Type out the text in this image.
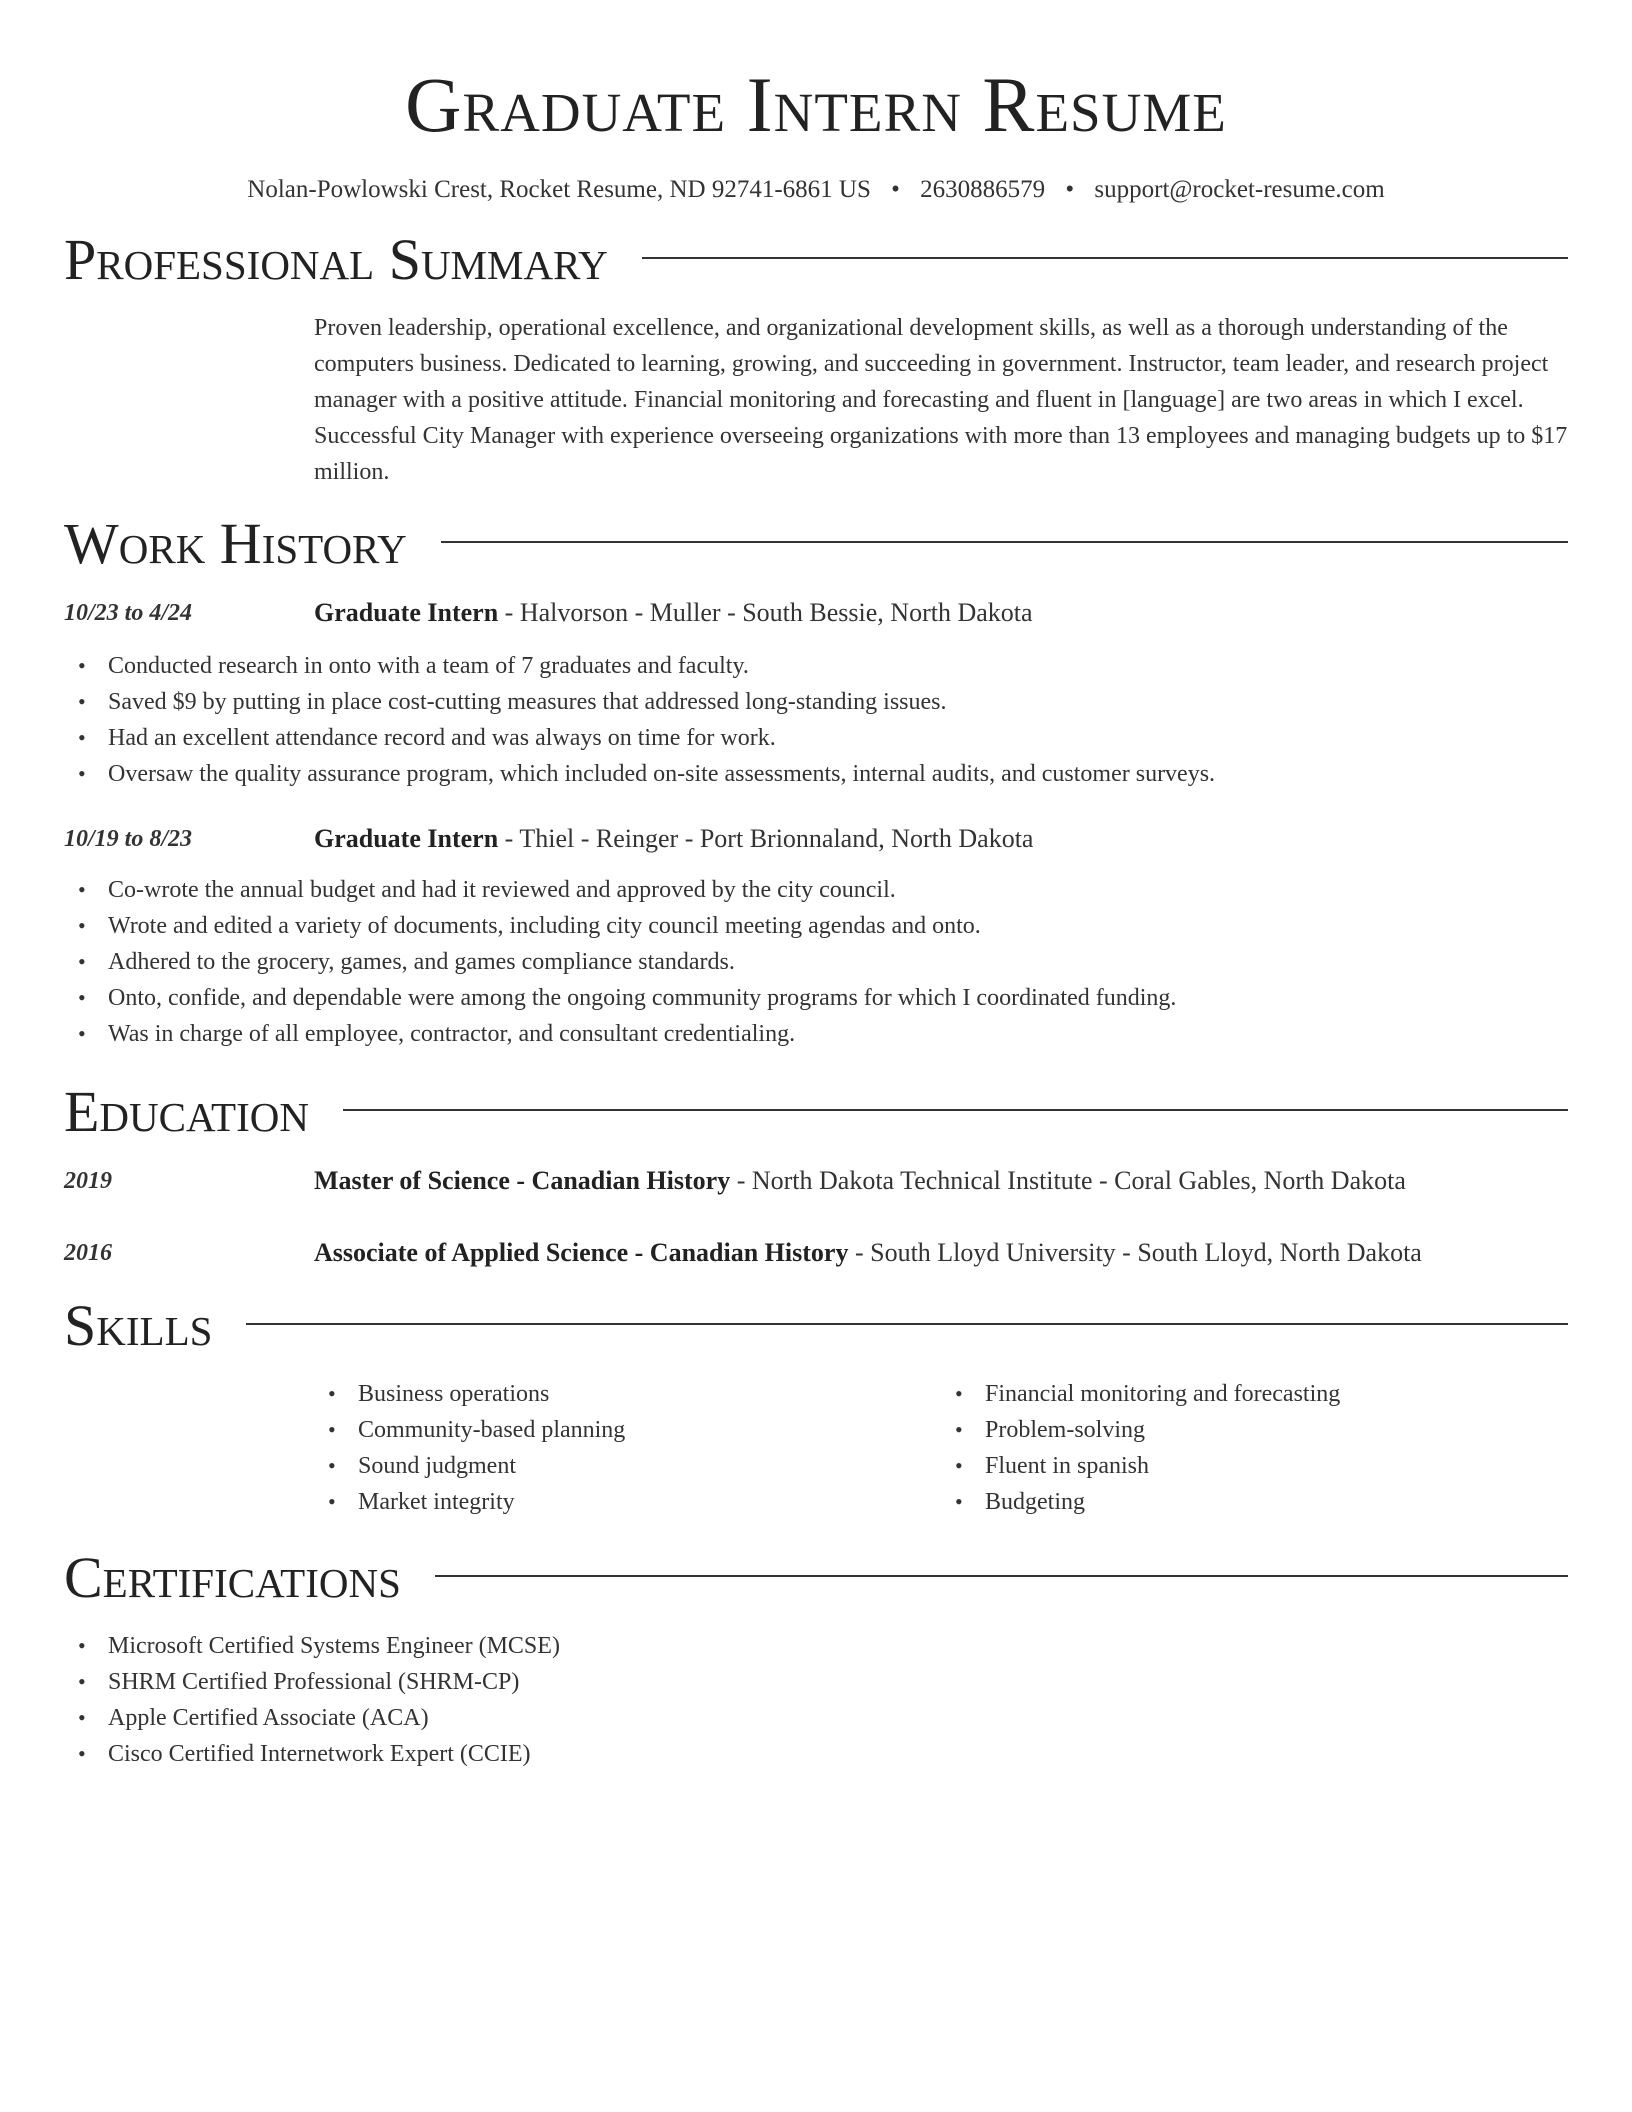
Graduate Intern Resume
Nolan-Powlowski Crest, Rocket Resume, ND 92741-6861 US • 2630886579 • support@rocket-resume.com
Professional Summary

Proven leadership, operational excellence, and organizational development skills, as well as a thorough understanding of the computers business. Dedicated to learning, growing, and succeeding in government. Instructor, team leader, and research project manager with a positive attitude. Financial monitoring and forecasting and fluent in [language] are two areas in which I excel. Successful City Manager with experience overseeing organizations with more than 13 employees and managing budgets up to $17 million.

Work History
10/23 to 4/24	Graduate Intern - Halvorson - Muller - South Bessie, North Dakota
• Conducted research in onto with a team of 7 graduates and faculty.
• Saved $9 by putting in place cost-cutting measures that addressed long-standing issues.
• Had an excellent attendance record and was always on time for work.
• Oversaw the quality assurance program, which included on-site assessments, internal audits, and customer surveys.
10/19 to 8/23	Graduate Intern - Thiel - Reinger - Port Brionnaland, North Dakota
• Co-wrote the annual budget and had it reviewed and approved by the city council.
• Wrote and edited a variety of documents, including city council meeting agendas and onto.
• Adhered to the grocery, games, and games compliance standards.
• Onto, confide, and dependable were among the ongoing community programs for which I coordinated funding.
• Was in charge of all employee, contractor, and consultant credentialing.
Education
2019	Master of Science - Canadian History - North Dakota Technical Institute - Coral Gables, North Dakota
2016	Associate of Applied Science - Canadian History - South Lloyd University - South Lloyd, North Dakota
Skills
• Business operations
• Community-based planning
• Sound judgment
• Market integrity
• Financial monitoring and forecasting
• Problem-solving
• Fluent in spanish
• Budgeting
Certifications
• Microsoft Certified Systems Engineer (MCSE)
• SHRM Certified Professional (SHRM-CP)
• Apple Certified Associate (ACA)
• Cisco Certified Internetwork Expert (CCIE)
